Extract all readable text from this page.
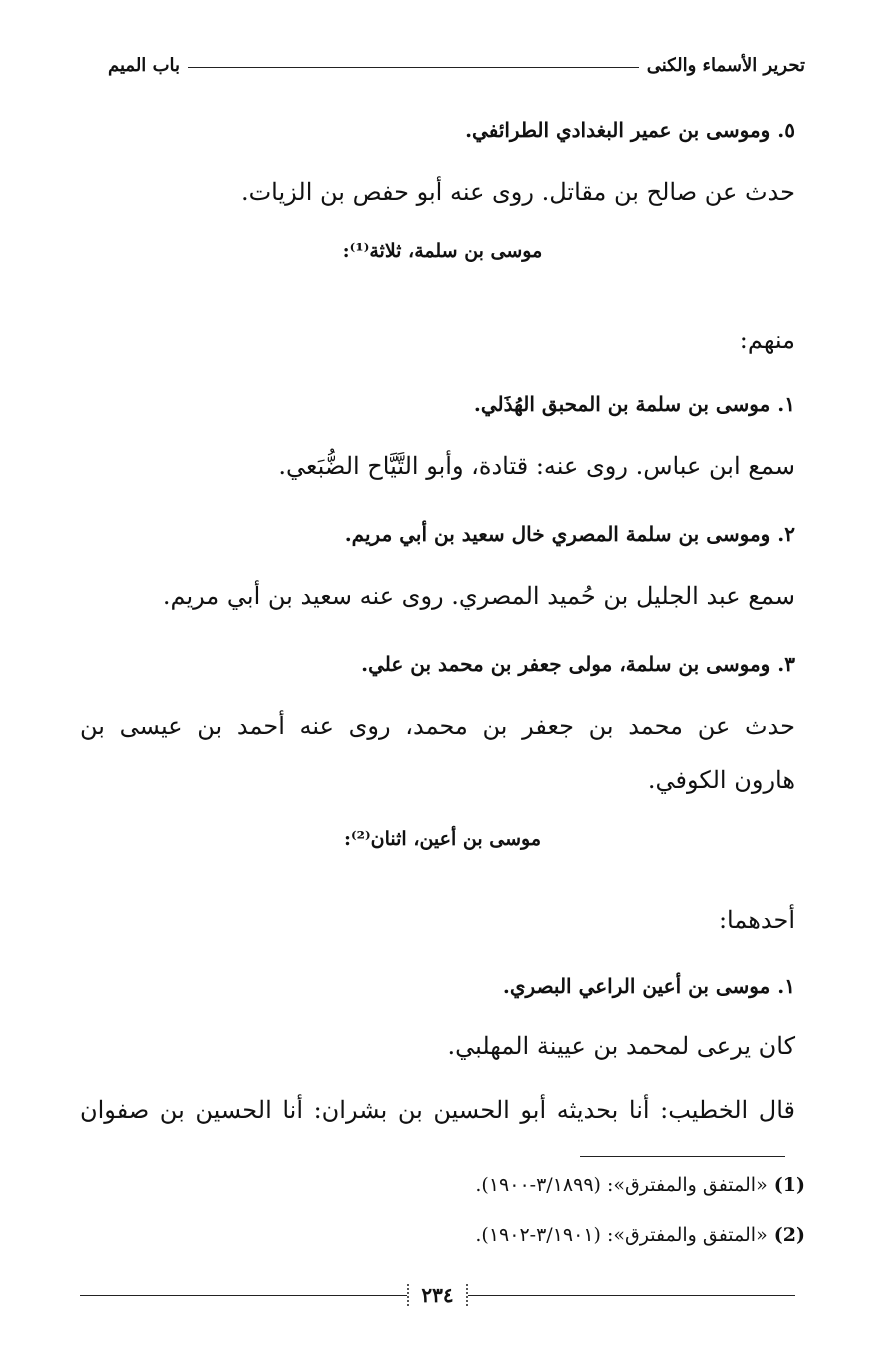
تحرير الأسماء والكنى
باب الميم
٥. وموسى بن عمير البغدادي الطرائفي.
حدث عن صالح بن مقاتل. روى عنه أبو حفص بن الزيات.
موسى بن سلمة، ثلاثة⁽¹⁾:
منهم:
١. موسى بن سلمة بن المحبق الهُذَلي.
سمع ابن عباس. روى عنه: قتادة، وأبو التَّيَّاح الضُّبَعي.
٢. وموسى بن سلمة المصري خال سعيد بن أبي مريم.
سمع عبد الجليل بن حُميد المصري. روى عنه سعيد بن أبي مريم.
٣. وموسى بن سلمة، مولى جعفر بن محمد بن علي.
حدث عن محمد بن جعفر بن محمد، روى عنه أحمد بن عيسى بن
هارون الكوفي.
موسى بن أعين، اثنان⁽²⁾:
أحدهما:
١. موسى بن أعين الراعي البصري.
كان يرعى لمحمد بن عيينة المهلبي.
قال الخطيب: أنا بحديثه أبو الحسين بن بشران: أنا الحسين بن صفوان
(1) «المتفق والمفترق»: (٣/١٨٩٩-١٩٠٠).
(2) «المتفق والمفترق»: (٣/١٩٠١-١٩٠٢).
٢٣٤
